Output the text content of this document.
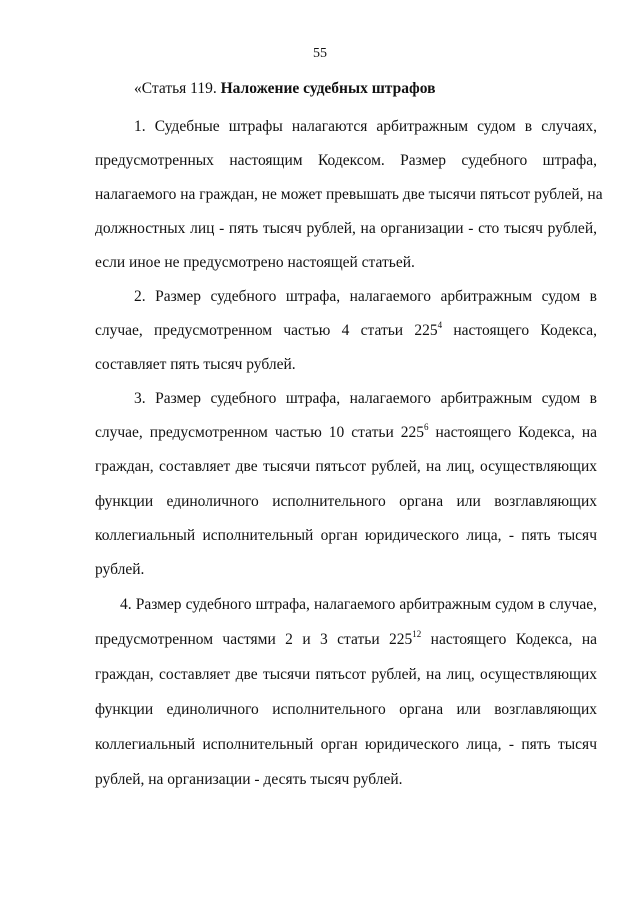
55
«Статья 119. Наложение судебных штрафов
1. Судебные штрафы налагаются арбитражным судом в случаях,
предусмотренных настоящим Кодексом. Размер судебного штрафа,
налагаемого на граждан, не может превышать две тысячи пятьсот рублей, на
должностных лиц - пять тысяч рублей, на организации - сто тысяч рублей,
если иное не предусмотрено настоящей статьей.
2. Размер судебного штрафа, налагаемого арбитражным судом в
случае, предусмотренном частью 4 статьи $225^4$ настоящего Кодекса,
составляет пять тысяч рублей.
3. Размер судебного штрафа, налагаемого арбитражным судом в
случае, предусмотренном частью 10 статьи $225^6$ настоящего Кодекса, на
граждан, составляет две тысячи пятьсот рублей, на лиц, осуществляющих
функции единоличного исполнительного органа или возглавляющих
коллегиальный исполнительный орган юридического лица, - пять тысяч
рублей.
4. Размер судебного штрафа, налагаемого арбитражным судом в случае,
предусмотренном частями 2 и 3 статьи $225^{12}$ настоящего Кодекса, на
граждан, составляет две тысячи пятьсот рублей, на лиц, осуществляющих
функции единоличного исполнительного органа или возглавляющих
коллегиальный исполнительный орган юридического лица, - пять тысяч
рублей, на организации - десять тысяч рублей.
